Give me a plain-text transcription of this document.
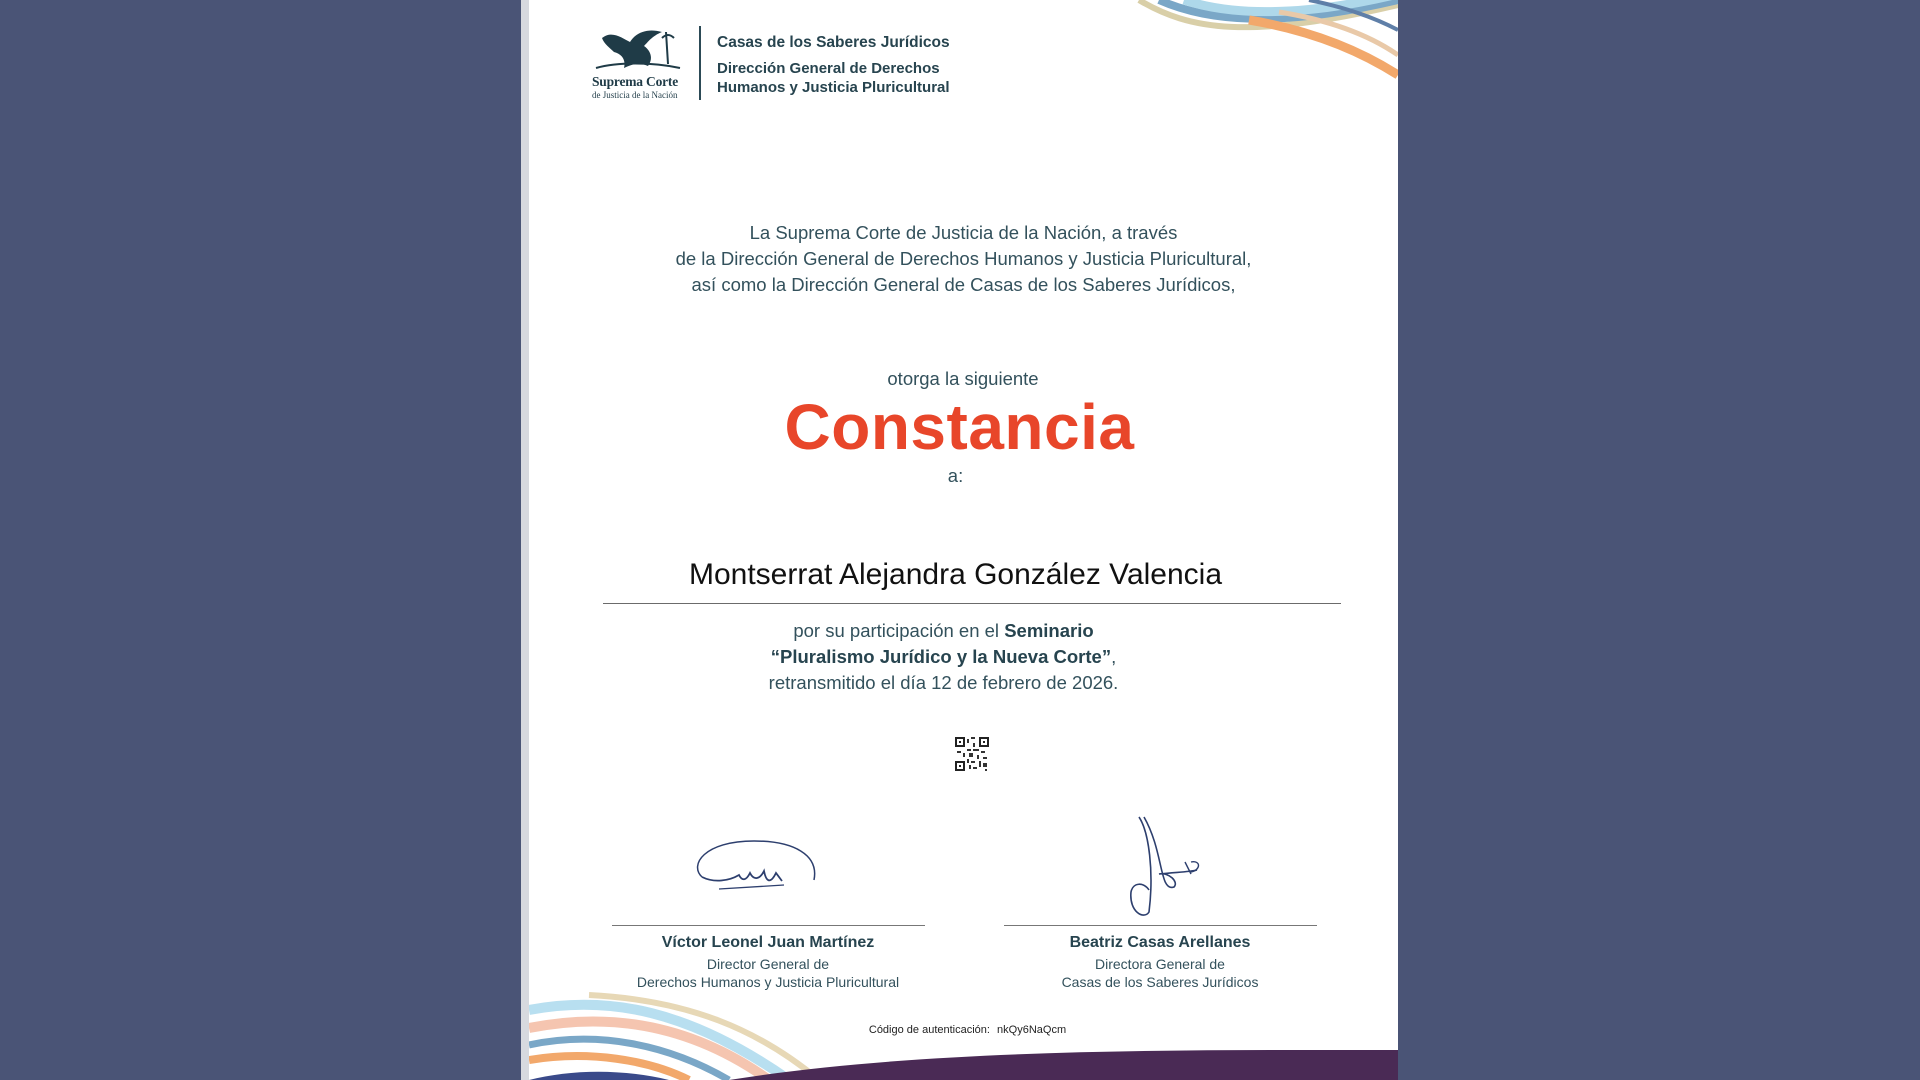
Suprema Corte
de Justicia de la Nación
Casas de los Saberes Jurídicos
Dirección General de Derechos
Humanos y Justicia Pluricultural
La Suprema Corte de Justicia de la Nación, a través
de la Dirección General de Derechos Humanos y Justicia Pluricultural,
así como la Dirección General de Casas de los Saberes Jurídicos,
otorga la siguiente
Constancia
a:
Montserrat Alejandra González Valencia
por su participación en el Seminario
“Pluralismo Jurídico y la Nueva Corte”,
retransmitido el día 12 de febrero de 2026.
Víctor Leonel Juan Martínez
Director General de
Derechos Humanos y Justicia Pluricultural
Beatriz Casas Arellanes
Directora General de
Casas de los Saberes Jurídicos
Código de autenticación: nkQy6NaQcm
